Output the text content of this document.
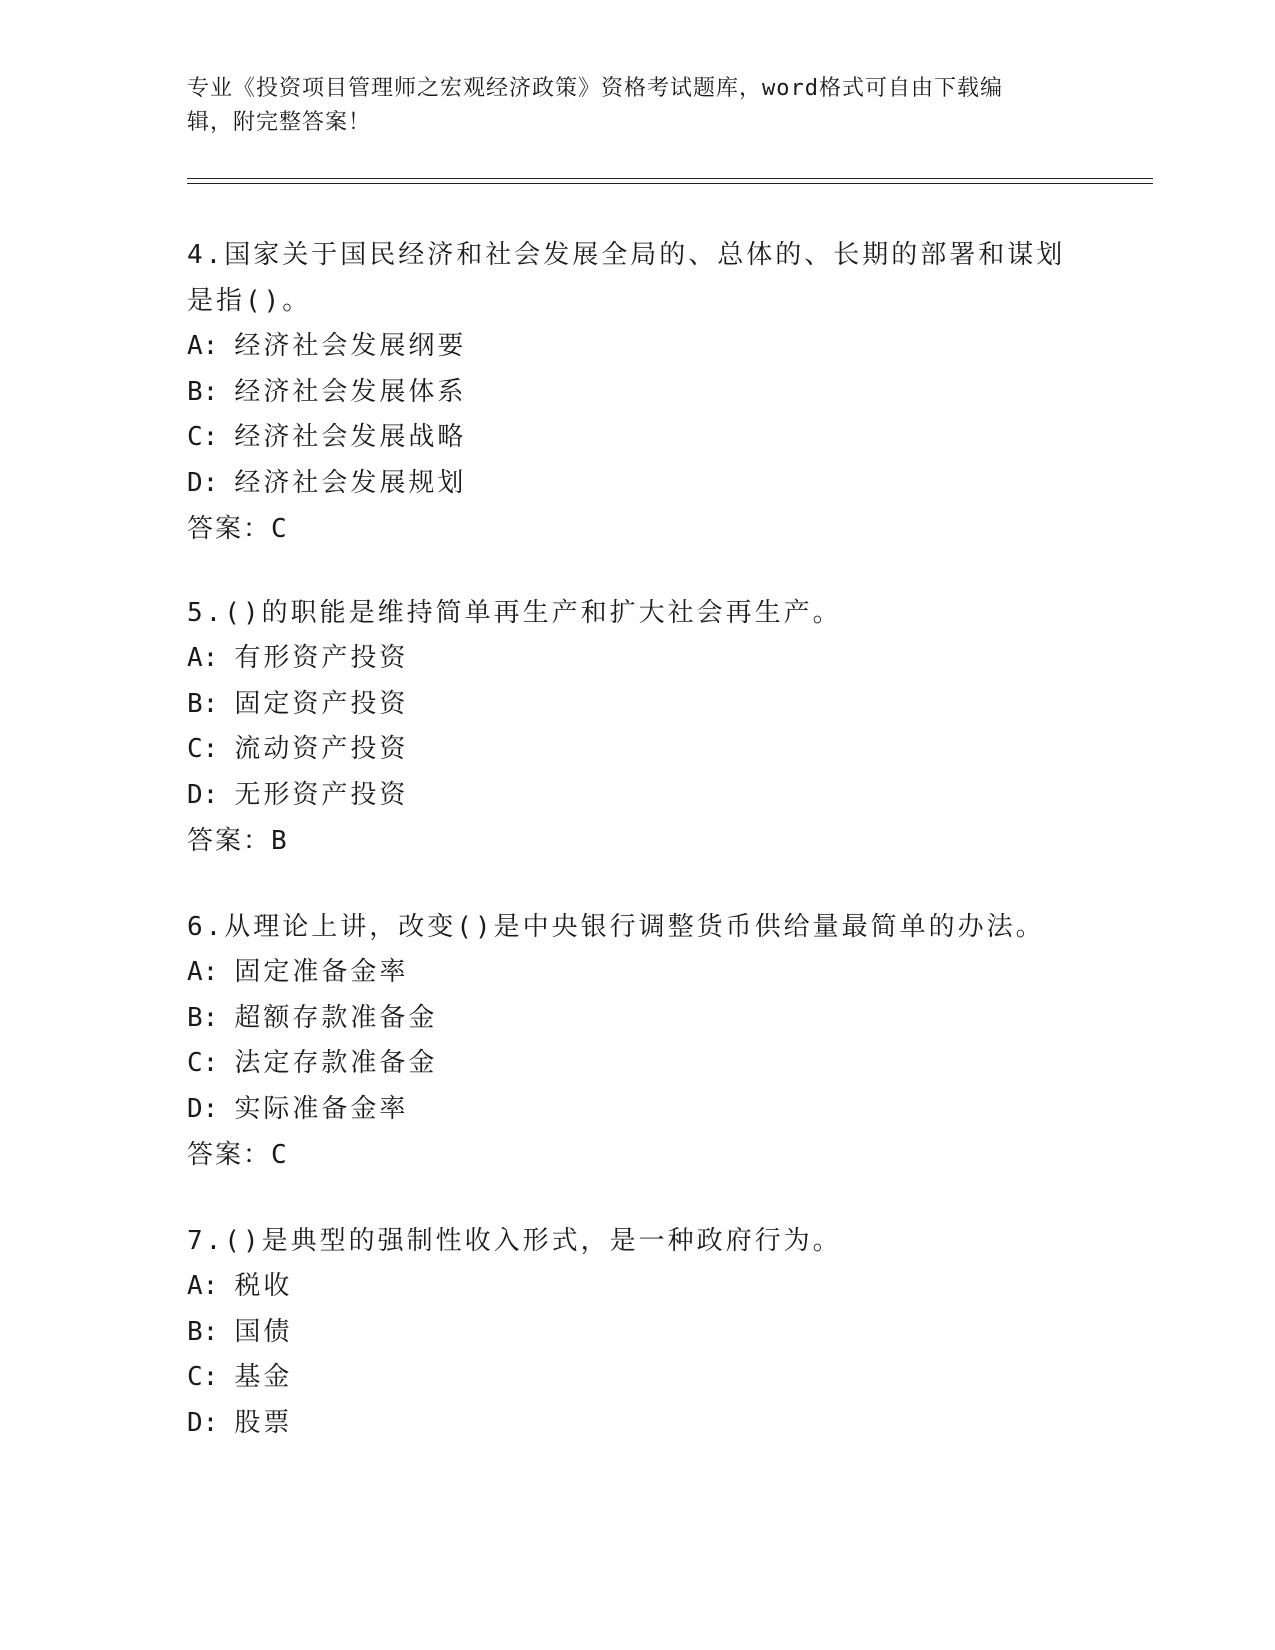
专业《投资项目管理师之宏观经济政策》资格考试题库，word格式可自由下载编
辑，附完整答案！
4.国家关于国民经济和社会发展全局的、总体的、长期的部署和谋划
是指()。
A: 经济社会发展纲要
B: 经济社会发展体系
C: 经济社会发展战略
D: 经济社会发展规划
答案：C
5.()的职能是维持简单再生产和扩大社会再生产。
A: 有形资产投资
B: 固定资产投资
C: 流动资产投资
D: 无形资产投资
答案：B
6.从理论上讲，改变()是中央银行调整货币供给量最简单的办法。
A: 固定准备金率
B: 超额存款准备金
C: 法定存款准备金
D: 实际准备金率
答案：C
7.()是典型的强制性收入形式，是一种政府行为。
A: 税收
B: 国债
C: 基金
D: 股票
